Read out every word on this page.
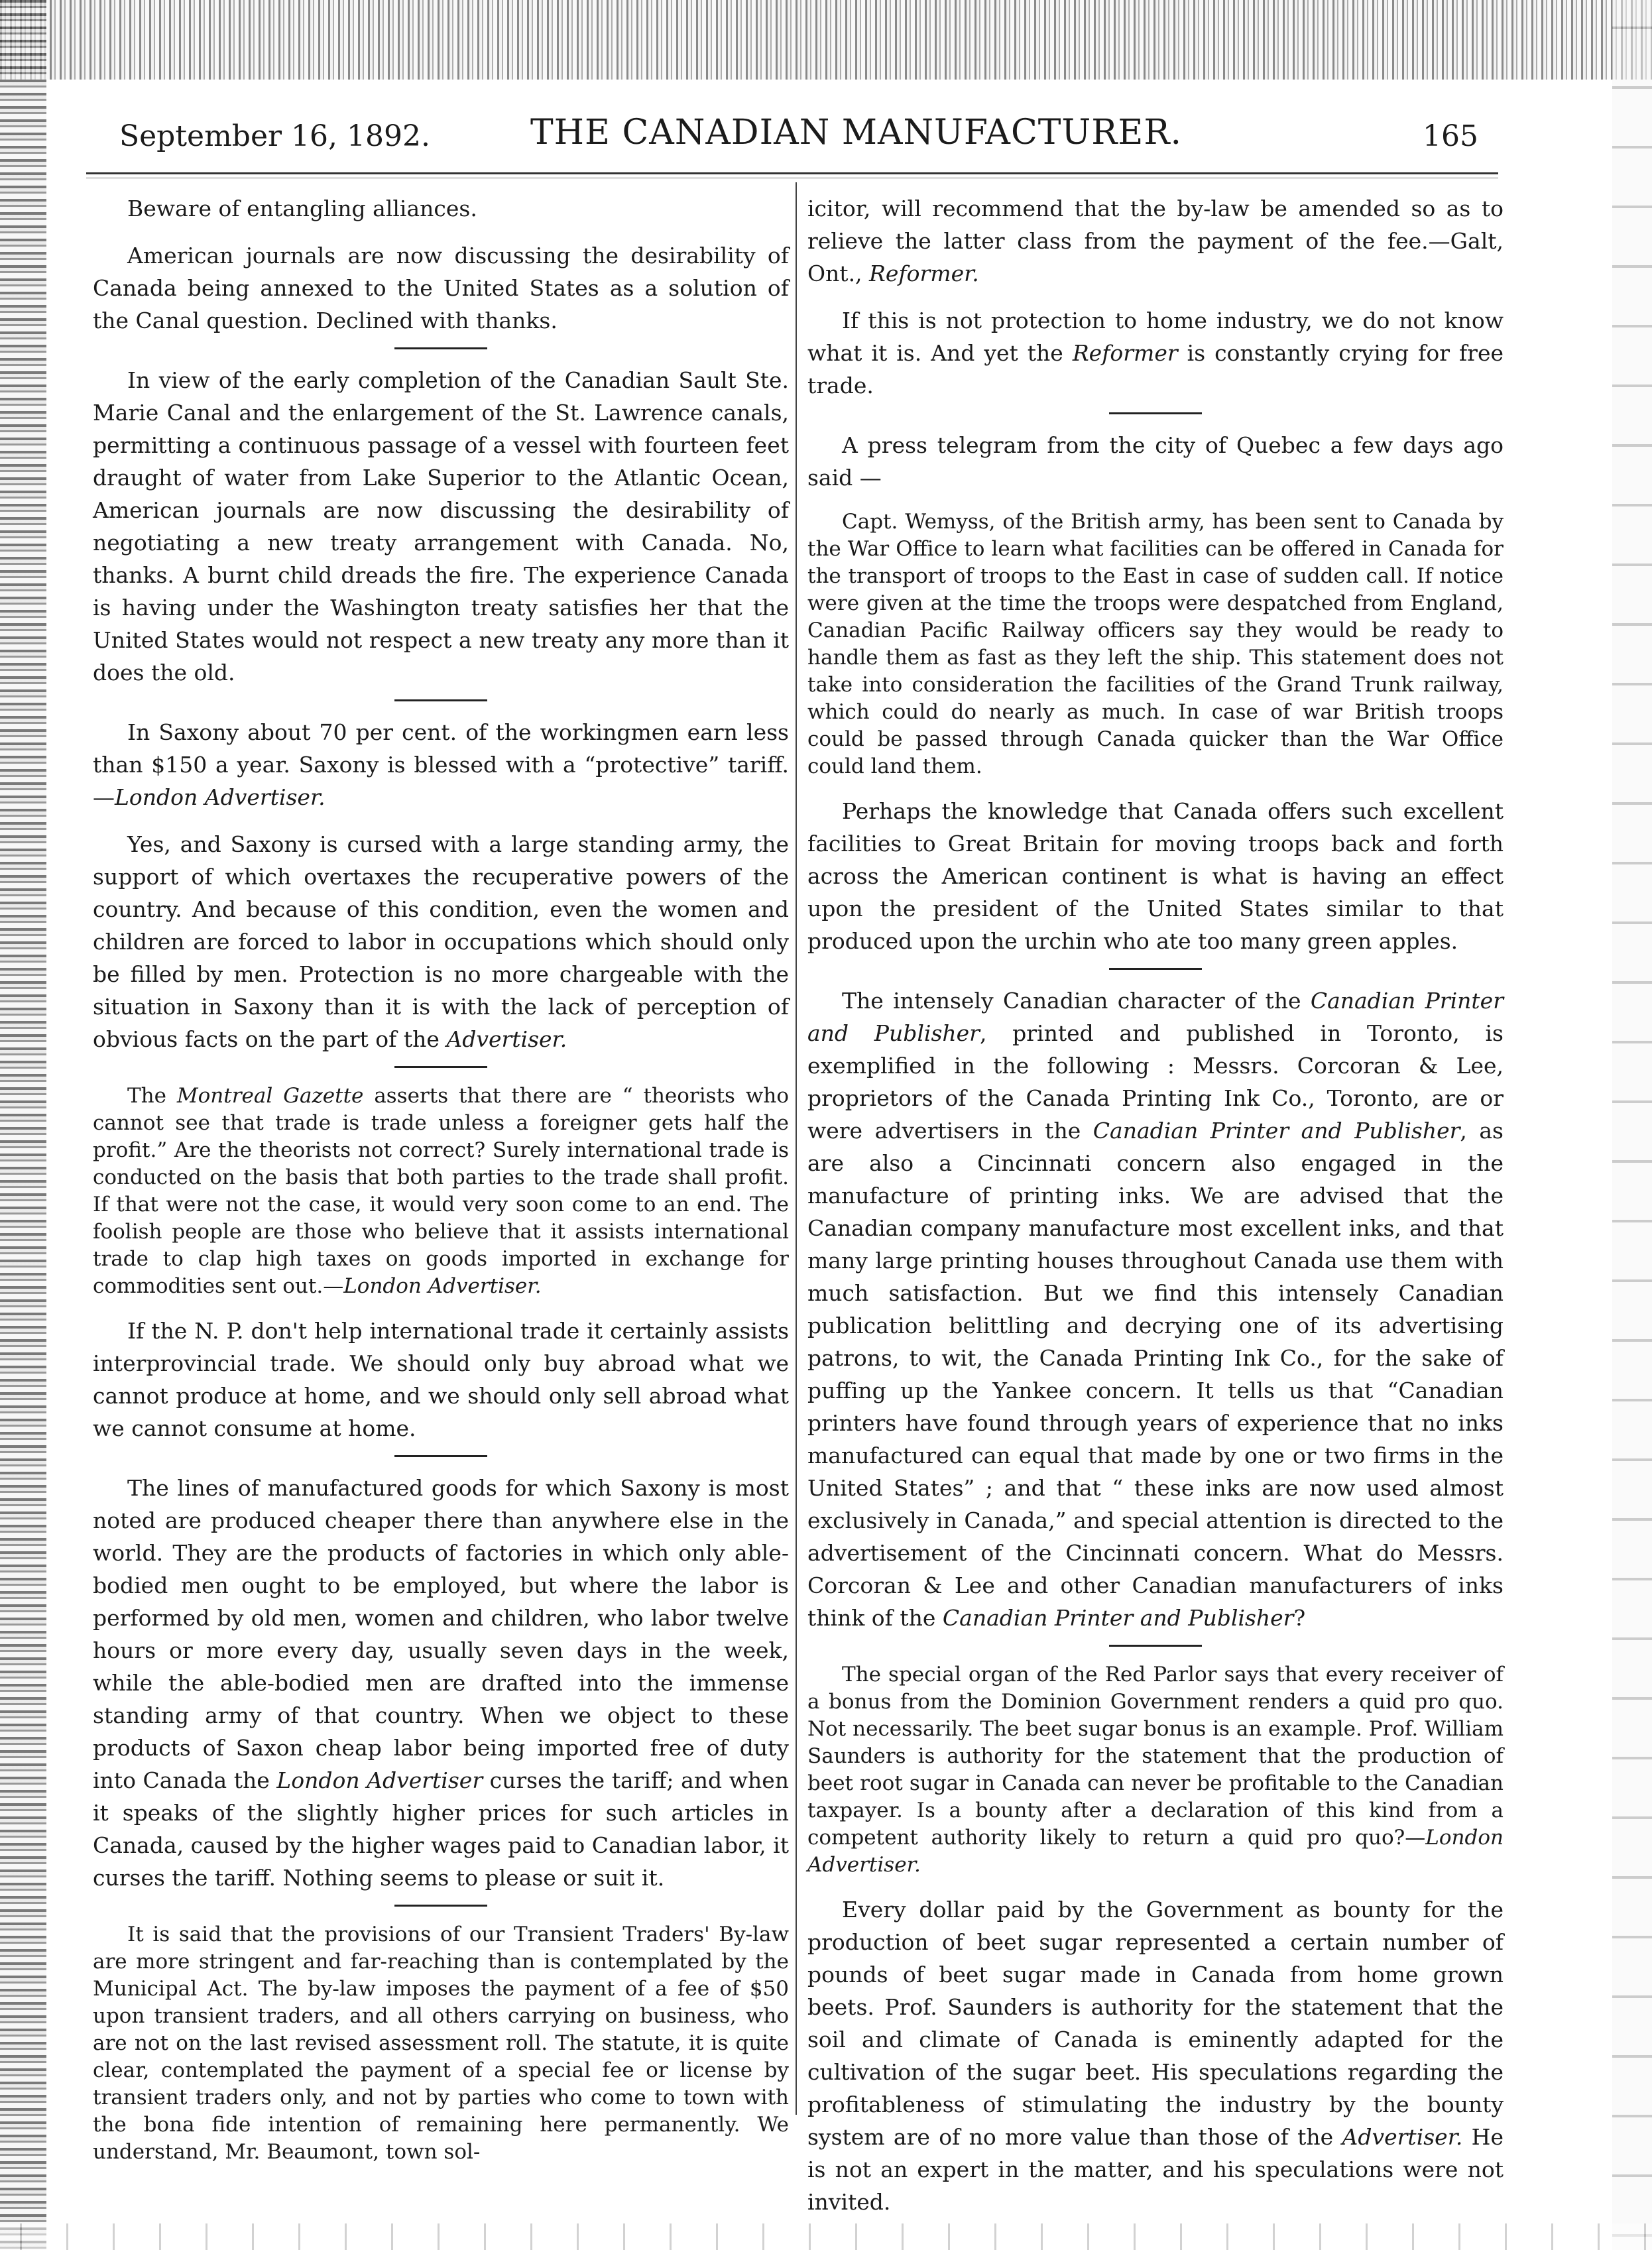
September 16, 1892.	THE CANADIAN MANUFACTURER.	165

Beware of entangling alliances.

American journals are now discussing the desirability of Canada being annexed to the United States as a solution of the Canal question. Declined with thanks.

In view of the early completion of the Canadian Sault Ste. Marie Canal and the enlargement of the St. Lawrence canals, permitting a continuous passage of a vessel with fourteen feet draught of water from Lake Superior to the Atlantic Ocean, American journals are now discussing the desirability of negotiating a new treaty arrangement with Canada. No, thanks. A burnt child dreads the fire. The experience Canada is having under the Washington treaty satisfies her that the United States would not respect a new treaty any more than it does the old.

In Saxony about 70 per cent. of the workingmen earn less than $150 a year. Saxony is blessed with a “protective” tariff.—London Advertiser.

Yes, and Saxony is cursed with a large standing army, the support of which overtaxes the recuperative powers of the country. And because of this condition, even the women and children are forced to labor in occupations which should only be filled by men. Protection is no more chargeable with the situation in Saxony than it is with the lack of perception of obvious facts on the part of the Advertiser.

The Montreal Gazette asserts that there are “ theorists who cannot see that trade is trade unless a foreigner gets half the profit.” Are the theorists not correct? Surely international trade is conducted on the basis that both parties to the trade shall profit. If that were not the case, it would very soon come to an end. The foolish people are those who believe that it assists international trade to clap high taxes on goods imported in exchange for commodities sent out.—London Advertiser.

If the N. P. don't help international trade it certainly assists interprovincial trade. We should only buy abroad what we cannot produce at home, and we should only sell abroad what we cannot consume at home.

The lines of manufactured goods for which Saxony is most noted are produced cheaper there than anywhere else in the world. They are the products of factories in which only able-bodied men ought to be employed, but where the labor is performed by old men, women and children, who labor twelve hours or more every day, usually seven days in the week, while the able-bodied men are drafted into the immense standing army of that country. When we object to these products of Saxon cheap labor being imported free of duty into Canada the London Advertiser curses the tariff; and when it speaks of the slightly higher prices for such articles in Canada, caused by the higher wages paid to Canadian labor, it curses the tariff. Nothing seems to please or suit it.

It is said that the provisions of our Transient Traders' By-law are more stringent and far-reaching than is contemplated by the Municipal Act. The by-law imposes the payment of a fee of $50 upon transient traders, and all others carrying on business, who are not on the last revised assessment roll. The statute, it is quite clear, contemplated the payment of a special fee or license by transient traders only, and not by parties who come to town with the bona fide intention of remaining here permanently. We understand, Mr. Beaumont, town sol-

icitor, will recommend that the by-law be amended so as to relieve the latter class from the payment of the fee.—Galt, Ont., Reformer.

If this is not protection to home industry, we do not know what it is. And yet the Reformer is constantly crying for free trade.

A press telegram from the city of Quebec a few days ago said —

Capt. Wemyss, of the British army, has been sent to Canada by the War Office to learn what facilities can be offered in Canada for the transport of troops to the East in case of sudden call. If notice were given at the time the troops were despatched from England, Canadian Pacific Railway officers say they would be ready to handle them as fast as they left the ship. This statement does not take into consideration the facilities of the Grand Trunk railway, which could do nearly as much. In case of war British troops could be passed through Canada quicker than the War Office could land them.

Perhaps the knowledge that Canada offers such excellent facilities to Great Britain for moving troops back and forth across the American continent is what is having an effect upon the president of the United States similar to that produced upon the urchin who ate too many green apples.

The intensely Canadian character of the Canadian Printer and Publisher, printed and published in Toronto, is exemplified in the following : Messrs. Corcoran & Lee, proprietors of the Canada Printing Ink Co., Toronto, are or were advertisers in the Canadian Printer and Publisher, as are also a Cincinnati concern also engaged in the manufacture of printing inks. We are advised that the Canadian company manufacture most excellent inks, and that many large printing houses throughout Canada use them with much satisfaction. But we find this intensely Canadian publication belittling and decrying one of its advertising patrons, to wit, the Canada Printing Ink Co., for the sake of puffing up the Yankee concern. It tells us that “Canadian printers have found through years of experience that no inks manufactured can equal that made by one or two firms in the United States” ; and that “ these inks are now used almost exclusively in Canada,” and special attention is directed to the advertisement of the Cincinnati concern. What do Messrs. Corcoran & Lee and other Canadian manufacturers of inks think of the Canadian Printer and Publisher?

The special organ of the Red Parlor says that every receiver of a bonus from the Dominion Government renders a quid pro quo. Not necessarily. The beet sugar bonus is an example. Prof. William Saunders is authority for the statement that the production of beet root sugar in Canada can never be profitable to the Canadian taxpayer. Is a bounty after a declaration of this kind from a competent authority likely to return a quid pro quo?—London Advertiser.

Every dollar paid by the Government as bounty for the production of beet sugar represented a certain number of pounds of beet sugar made in Canada from home grown beets. Prof. Saunders is authority for the statement that the soil and climate of Canada is eminently adapted for the cultivation of the sugar beet. His speculations regarding the profitableness of stimulating the industry by the bounty system are of no more value than those of the Advertiser. He is not an expert in the matter, and his speculations were not invited.
